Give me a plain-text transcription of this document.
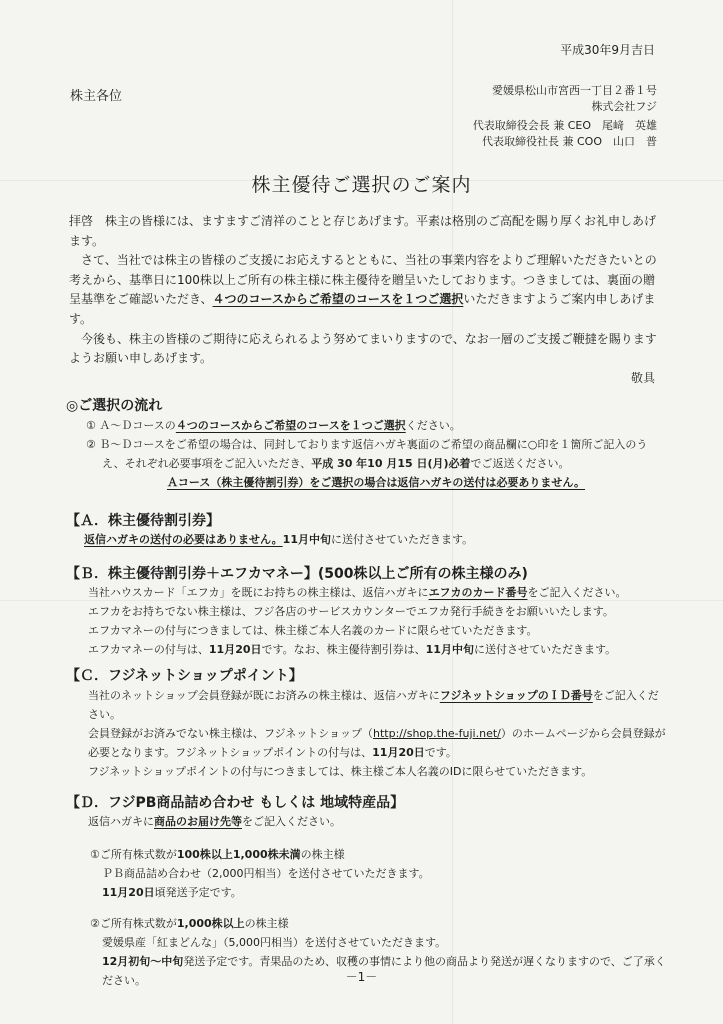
平成30年9月吉日
株主各位	愛媛県松山市宮西一丁目２番１号
株式会社フジ
代表取締役会長 兼 CEO　尾﨑　英雄
代表取締役社長 兼 COO　山口　普
株主優待ご選択のご案内

拝啓　株主の皆様には、ますますご清祥のことと存じあげます。平素は格別のご高配を賜り厚くお礼申しあげます。

　さて、当社では株主の皆様のご支援にお応えするとともに、当社の事業内容をよりご理解いただきたいとの考えから、基準日に100株以上ご所有の株主様に株主優待を贈呈いたしております。つきましては、裏面の贈呈基準をご確認いただき、４つのコースからご希望のコースを１つご選択いただきますようご案内申しあげます。

　今後も、株主の皆様のご期待に応えられるよう努めてまいりますので、なお一層のご支援ご鞭撻を賜りますようお願い申しあげます。

敬具

◎ご選択の流れ

① Ａ～Ｄコースの４つのコースからご希望のコースを１つご選択ください。

② Ｂ～Ｄコースをご希望の場合は、同封しております返信ハガキ裏面のご希望の商品欄に○印を１箇所ご記入のうえ、それぞれ必要事項をご記入いただき、平成 30 年10 月15 日(月)必着でご返送ください。

Ａコース（株主優待割引券）をご選択の場合は返信ハガキの送付は必要ありません。

【Ａ．株主優待割引券】

返信ハガキの送付の必要はありません。11月中旬に送付させていただきます。

【Ｂ．株主優待割引券＋エフカマネー】(500株以上ご所有の株主様のみ)

当社ハウスカード「エフカ」を既にお持ちの株主様は、返信ハガキにエフカのカード番号をご記入ください。

エフカをお持ちでない株主様は、フジ各店のサービスカウンターでエフカ発行手続きをお願いいたします。

エフカマネーの付与につきましては、株主様ご本人名義のカードに限らせていただきます。

エフカマネーの付与は、11月20日です。なお、株主優待割引券は、11月中旬に送付させていただきます。

【Ｃ．フジネットショップポイント】

当社のネットショップ会員登録が既にお済みの株主様は、返信ハガキにフジネットショップのＩＤ番号をご記入ください。

会員登録がお済みでない株主様は、フジネットショップ（http://shop.the-fuji.net/）のホームページから会員登録が必要となります。フジネットショップポイントの付与は、11月20日です。

フジネットショップポイントの付与につきましては、株主様ご本人名義のIDに限らせていただきます。

【Ｄ．フジPB商品詰め合わせ もしくは 地域特産品】

返信ハガキに商品のお届け先等をご記入ください。

①ご所有株式数が100株以上1,000株未満の株主様

ＰＢ商品詰め合わせ（2,000円相当）を送付させていただきます。

11月20日頃発送予定です。

②ご所有株式数が1,000株以上の株主様

愛媛県産「紅まどんな」（5,000円相当）を送付させていただきます。

12月初旬～中旬発送予定です。青果品のため、収穫の事情により他の商品より発送が遅くなりますので、ご了承ください。	－1－
